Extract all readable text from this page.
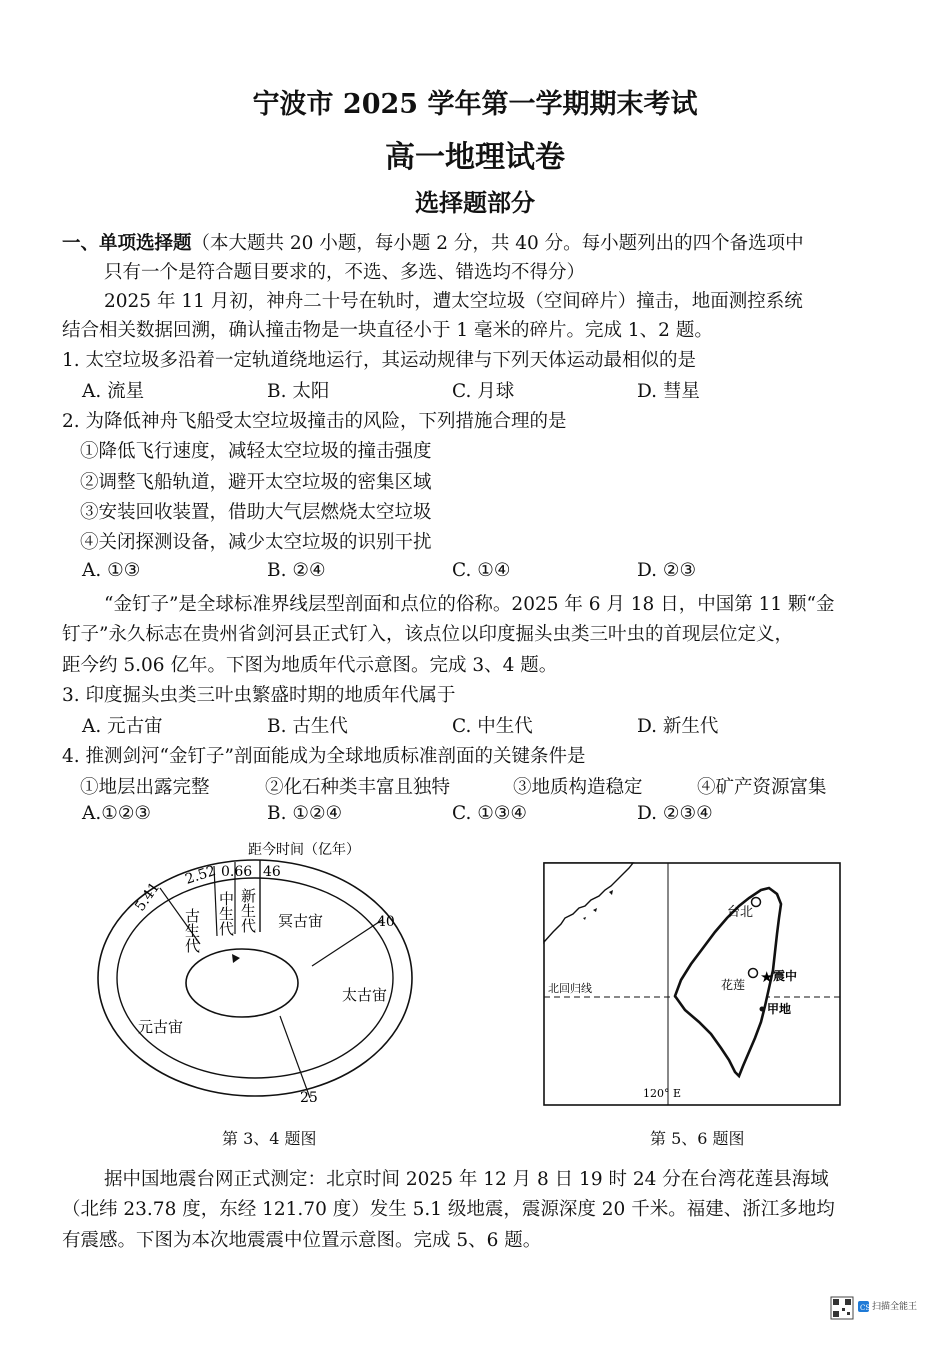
宁波市 2025 学年第一学期期末考试
高一地理试卷
选择题部分
一、单项选择题（本大题共 20 小题，每小题 2 分，共 40 分。每小题列出的四个备选项中
只有一个是符合题目要求的，不选、多选、错选均不得分）
2025 年 11 月初，神舟二十号在轨时，遭太空垃圾（空间碎片）撞击，地面测控系统
结合相关数据回溯，确认撞击物是一块直径小于 1 毫米的碎片。完成 1、2 题。
1. 太空垃圾多沿着一定轨道绕地运行，其运动规律与下列天体运动最相似的是
A. 流星	B. 太阳	C. 月球	D. 彗星
2. 为降低神舟飞船受太空垃圾撞击的风险，下列措施合理的是
①降低飞行速度，减轻太空垃圾的撞击强度
②调整飞船轨道，避开太空垃圾的密集区域
③安装回收装置，借助大气层燃烧太空垃圾
④关闭探测设备，减少太空垃圾的识别干扰
A. ①③	B. ②④	C. ①④	D. ②③
“金钉子”是全球标准界线层型剖面和点位的俗称。2025 年 6 月 18 日，中国第 11 颗“金
钉子”永久标志在贵州省剑河县正式钉入，该点位以印度掘头虫类三叶虫的首现层位定义，
距今约 5.06 亿年。下图为地质年代示意图。完成 3、4 题。
3. 印度掘头虫类三叶虫繁盛时期的地质年代属于
A. 元古宙	B. 古生代	C. 中生代	D. 新生代
4. 推测剑河“金钉子”剖面能成为全球地质标准剖面的关键条件是
①地层出露完整	②化石种类丰富且独特	③地质构造稳定	④矿产资源富集
A.①②③	B. ①②④	C. ①③④	D. ②③④
距今时间（亿年）
5.41
2.52 0.66 46
40
25
古生代 中生代 新生代 冥古宙
太古宙
元古宙
第 3、4 题图
台北
花莲 ★ 震中
甲地
北回归线
120° E
第 5、6 题图
据中国地震台网正式测定：北京时间 2025 年 12 月 8 日 19 时 24 分在台湾花莲县海域
（北纬 23.78 度，东经 121.70 度）发生 5.1 级地震，震源深度 20 千米。福建、浙江多地均
有震感。下图为本次地震震中位置示意图。完成 5、6 题。
CS 扫描全能王
